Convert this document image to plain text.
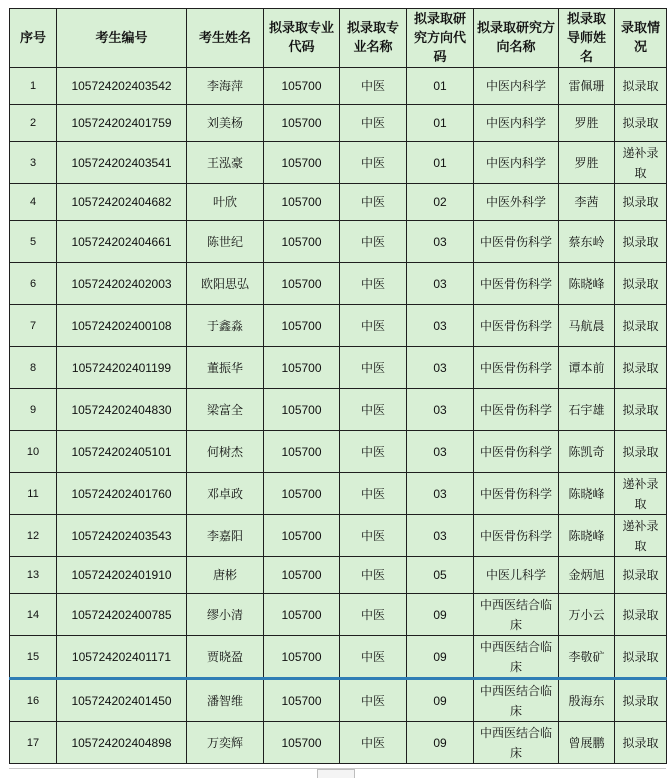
序号	考生编号	考生姓名	拟录取专业代码	拟录取专业名称	拟录取研究方向代码	拟录取研究方向名称	拟录取导师姓名	录取情况
1	105724202403542	李海萍	105700	中医	01	中医内科学	雷佩珊	拟录取
2	105724202401759	刘美杨	105700	中医	01	中医内科学	罗胜	拟录取
3	105724202403541	王泓豪	105700	中医	01	中医内科学	罗胜	递补录取
4	105724202404682	叶欣	105700	中医	02	中医外科学	李茜	拟录取
5	105724202404661	陈世纪	105700	中医	03	中医骨伤科学	蔡东岭	拟录取
6	105724202402003	欧阳思弘	105700	中医	03	中医骨伤科学	陈晓峰	拟录取
7	105724202400108	于鑫淼	105700	中医	03	中医骨伤科学	马航晨	拟录取
8	105724202401199	董振华	105700	中医	03	中医骨伤科学	谭本前	拟录取
9	105724202404830	梁富全	105700	中医	03	中医骨伤科学	石宇雄	拟录取
10	105724202405101	何树杰	105700	中医	03	中医骨伤科学	陈凯奇	拟录取
11	105724202401760	邓卓政	105700	中医	03	中医骨伤科学	陈晓峰	递补录取
12	105724202403543	李嘉阳	105700	中医	03	中医骨伤科学	陈晓峰	递补录取
13	105724202401910	唐彬	105700	中医	05	中医儿科学	金炳旭	拟录取
14	105724202400785	缪小清	105700	中医	09	中西医结合临床	万小云	拟录取
15	105724202401171	贾晓盈	105700	中医	09	中西医结合临床	李敬矿	拟录取
16	105724202401450	潘智维	105700	中医	09	中西医结合临床	殷海东	拟录取
17	105724202404898	万奕辉	105700	中医	09	中西医结合临床	曾展鹏	拟录取
